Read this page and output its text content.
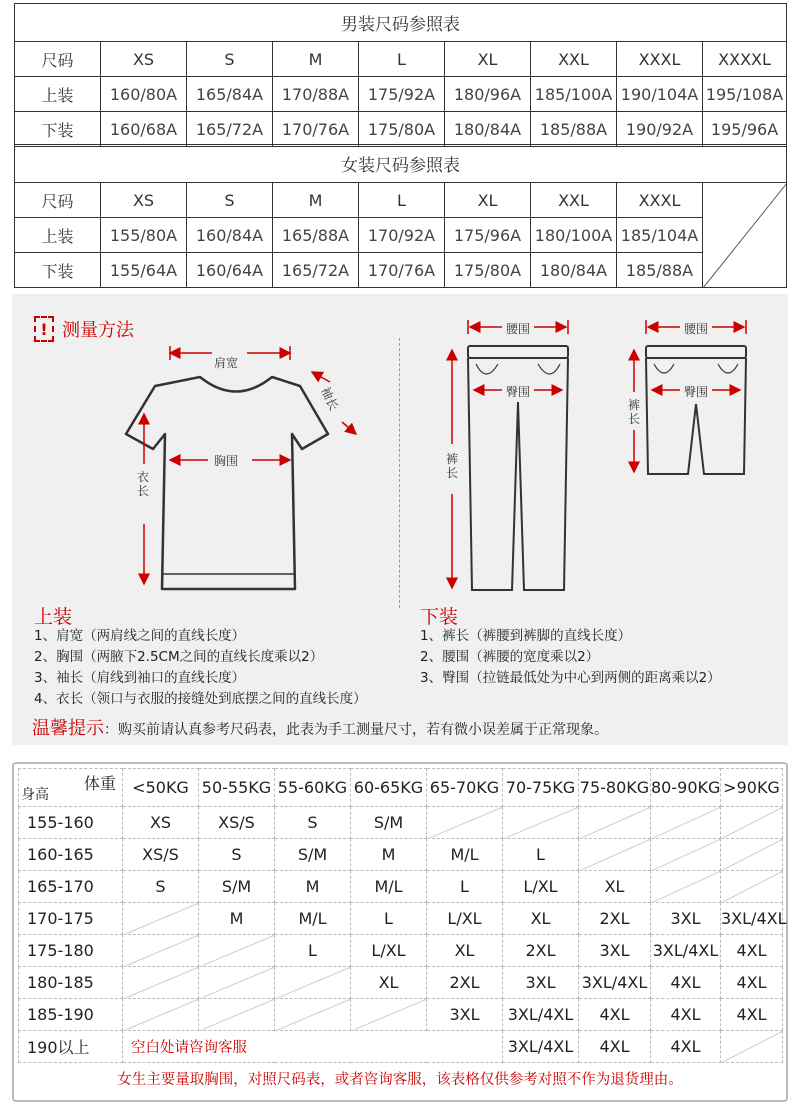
男装尺码参照表								
尺码	XS	S	M	L	XL	XXL	XXXL	XXXXL
上装	160/80A	165/84A	170/88A	175/92A	180/96A	185/100A	190/104A	195/108A
下装	160/68A	165/72A	170/76A	175/80A	180/84A	185/88A	190/92A	195/96A
女装尺码参照表								
尺码	XS	S	M	L	XL	XXL	XXXL	

上装	155/80A	160/84A	165/88A	170/92A	175/96A	180/100A	185/104A	
下装	155/64A	160/64A	165/72A	170/76A	175/80A	180/84A	185/88A	
! 测量方法
肩宽
胸围
衣长
袖长
腰围
臀围
裤长
腰围
臀围
裤长
上装
1、肩宽（两肩线之间的直线长度）
2、胸围（两腋下2.5CM之间的直线长度乘以2）
3、袖长（肩线到袖口的直线长度）
4、衣长（领口与衣服的接缝处到底摆之间的直线长度）
下装
1、裤长（裤腰到裤脚的直线长度）
2、腰围（裤腰的宽度乘以2）
3、臀围（拉链最低处为中心到两侧的距离乘以2）
温馨提示：购买前请认真参考尺码表，此表为手工测量尺寸，若有微小误差属于正常现象。
体重
身高	<50KG	50-55KG	55-60KG	60-65KG	65-70KG	70-75KG	75-80KG	80-90KG	>90KG
155-160	XS	XS/S	S	S/M	

160-165	XS/S	S	S/M	M	M/L	L	

165-170	S	S/M	M	M/L	L	L/XL	XL	

170-175		M	M/L	L	L/XL	XL	2XL	3XL	3XL/4XL
175-180			L	L/XL	XL	2XL	3XL	3XL/4XL	4XL
180-185				XL	2XL	3XL	3XL/4XL	4XL	4XL
185-190					3XL	3XL/4XL	4XL	4XL	4XL
190以上	空白处请咨询客服					3XL/4XL	4XL	4XL	
女生主要量取胸围，对照尺码表，或者咨询客服，该表格仅供参考对照不作为退货理由。
